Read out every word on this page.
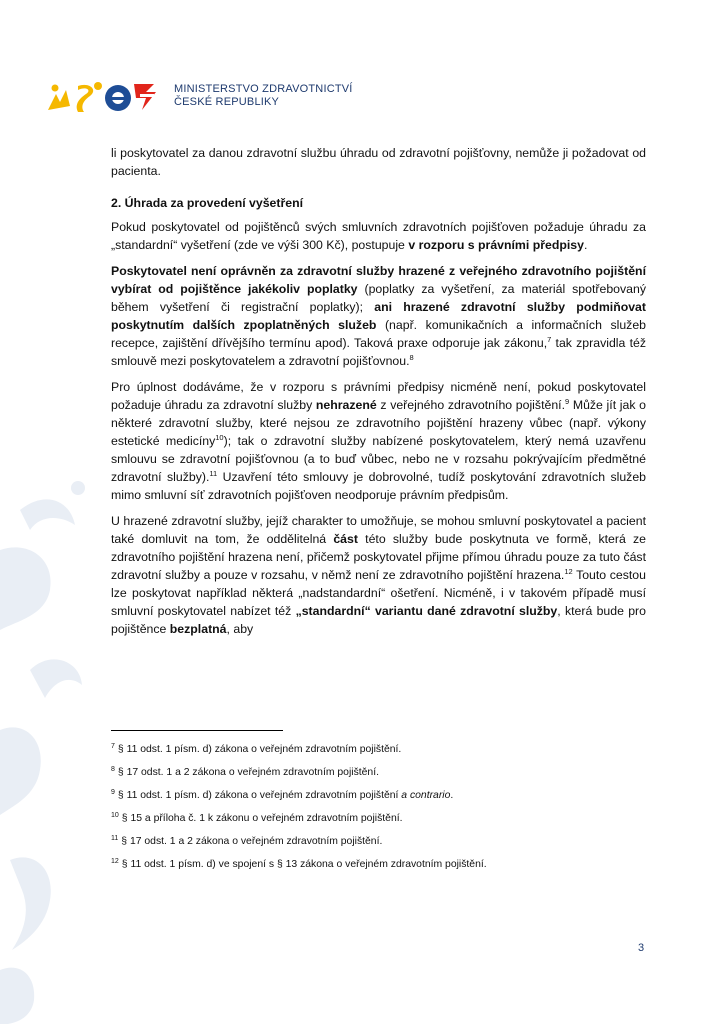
MINISTERSTVO ZDRAVOTNICTVÍ
ČESKÉ REPUBLIKY

li poskytovatel za danou zdravotní službu úhradu od zdravotní pojišťovny, nemůže ji požadovat od pacienta.

2. Úhrada za provedení vyšetření

Pokud poskytovatel od pojištěnců svých smluvních zdravotních pojišťoven požaduje úhradu za „standardní“ vyšetření (zde ve výši 300 Kč), postupuje v rozporu s právními předpisy.

Poskytovatel není oprávněn za zdravotní služby hrazené z veřejného zdravotního pojištění vybírat od pojištěnce jakékoliv poplatky (poplatky za vyšetření, za materiál spotřebovaný během vyšetření či registrační poplatky); ani hrazené zdravotní služby podmiňovat poskytnutím dalších zpoplatněných služeb (např. komunikačních a informačních služeb recepce, zajištění dřívějšího termínu apod). Taková praxe odporuje jak zákonu,$^7$ tak zpravidla též smlouvě mezi poskytovatelem a zdravotní pojišťovnou.$^8$

Pro úplnost dodáváme, že v rozporu s právními předpisy nicméně není, pokud poskytovatel požaduje úhradu za zdravotní služby nehrazené z veřejného zdravotního pojištění.$^9$ Může jít jak o některé zdravotní služby, které nejsou ze zdravotního pojištění hrazeny vůbec (např. výkony estetické medicíny$^{10}$); tak o zdravotní služby nabízené poskytovatelem, který nemá uzavřenu smlouvu se zdravotní pojišťovnou (a to buď vůbec, nebo ne v rozsahu pokrývajícím předmětné zdravotní služby).$^{11}$ Uzavření této smlouvy je dobrovolné, tudíž poskytování zdravotních služeb mimo smluvní síť zdravotních pojišťoven neodporuje právním předpisům.

U hrazené zdravotní služby, jejíž charakter to umožňuje, se mohou smluvní poskytovatel a pacient také domluvit na tom, že oddělitelná část této služby bude poskytnuta ve formě, která ze zdravotního pojištění hrazena není, přičemž poskytovatel přijme přímou úhradu pouze za tuto část zdravotní služby a pouze v rozsahu, v němž není ze zdravotního pojištění hrazena.$^{12}$ Touto cestou lze poskytovat například některá „nadstandardní“ ošetření. Nicméně, i v takovém případě musí smluvní poskytovatel nabízet též „standardní“ variantu dané zdravotní služby, která bude pro pojištěnce bezplatná, aby

$^7$ § 11 odst. 1 písm. d) zákona o veřejném zdravotním pojištění.
$^8$ § 17 odst. 1 a 2 zákona o veřejném zdravotním pojištění.
$^9$ § 11 odst. 1 písm. d) zákona o veřejném zdravotním pojištění a contrario.
$^{10}$ § 15 a příloha č. 1 k zákonu o veřejném zdravotním pojištění.
$^{11}$ § 17 odst. 1 a 2 zákona o veřejném zdravotním pojištění.
$^{12}$ § 11 odst. 1 písm. d) ve spojení s § 13 zákona o veřejném zdravotním pojištění.
3
